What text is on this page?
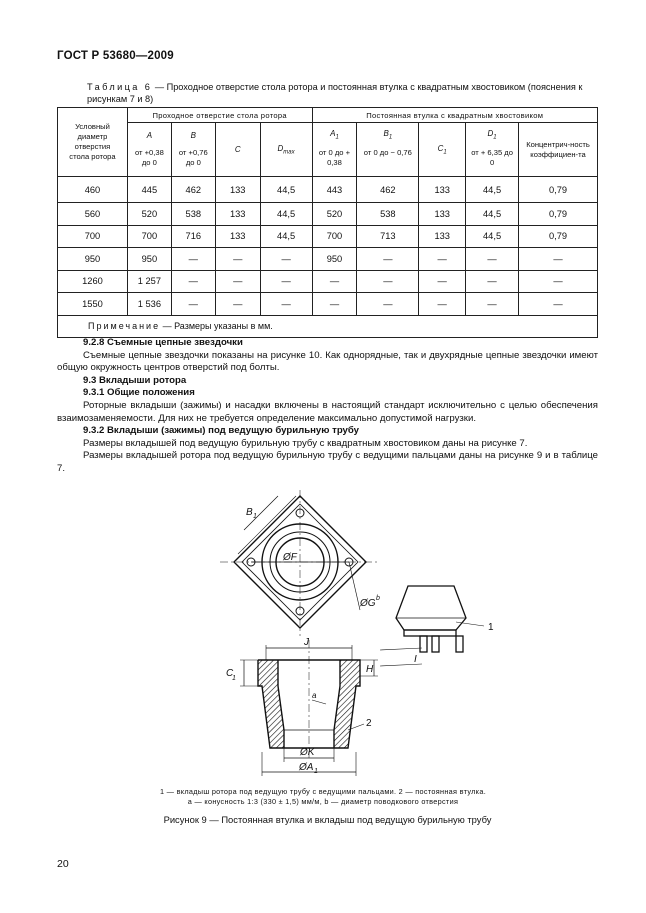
ГОСТ Р 53680—2009
Таблица 6 — Проходное отверстие стола ротора и постоянная втулка с квадратным хвостовиком (пояснения к рисункам 7 и 8)
Условный диаметр отверстия стола ротора	Проходное отверстие стола ротора				Постоянная втулка с квадратным хвостовиком				
	A	B	C	$D_{max}$	$A_1$	$B_1$	$C_1$	$D_1$	Концентрич-ность коэффициен-та
	от +0,38 до 0	от +0,76 до 0			от 0 до + 0,38	от 0 до − 0,76		от + 6,35 до 0	
460	445	462	133	44,5	443	462	133	44,5	0,79
560	520	538	133	44,5	520	538	133	44,5	0,79
700	700	716	133	44,5	700	713	133	44,5	0,79
950	950	—	—	—	950	—	—	—	—
1260	1 257	—	—	—	—	—	—	—	—
1550	1 536	—	—	—	—	—	—	—	—
Примечание — Размеры указаны в мм.									

9.2.8 Съемные цепные звездочки

Съемные цепные звездочки показаны на рисунке 10. Как однорядные, так и двухрядные цепные звездочки имеют общую окружность центров отверстий под болты.

9.3 Вкладыши ротора

9.3.1 Общие положения

Роторные вкладыши (зажимы) и насадки включены в настоящий стандарт исключительно с целью обеспечения взаимозаменяемости. Для них не требуется определение максимально допустимой нагрузки.

9.3.2 Вкладыши (зажимы) под ведущую бурильную трубу

Размеры вкладышей под ведущую бурильную трубу с квадратным хвостовиком даны на рисунке 7.

Размеры вкладышей ротора под ведущую бурильную трубу с ведущими пальцами даны на рисунке 9 и в таблице 7.

B 1
ØF
ØG b
J
C
1
H
a
ØK
ØA 1
I
1
2
1 — вкладыш ротора под ведущую трубу с ведущими пальцами. 2 — постоянная втулка.
a — конусность 1:3 (330 ± 1,5) мм/м, b — диаметр поводкового отверстия
Рисунок 9 — Постоянная втулка и вкладыш под ведущую бурильную трубу
20
